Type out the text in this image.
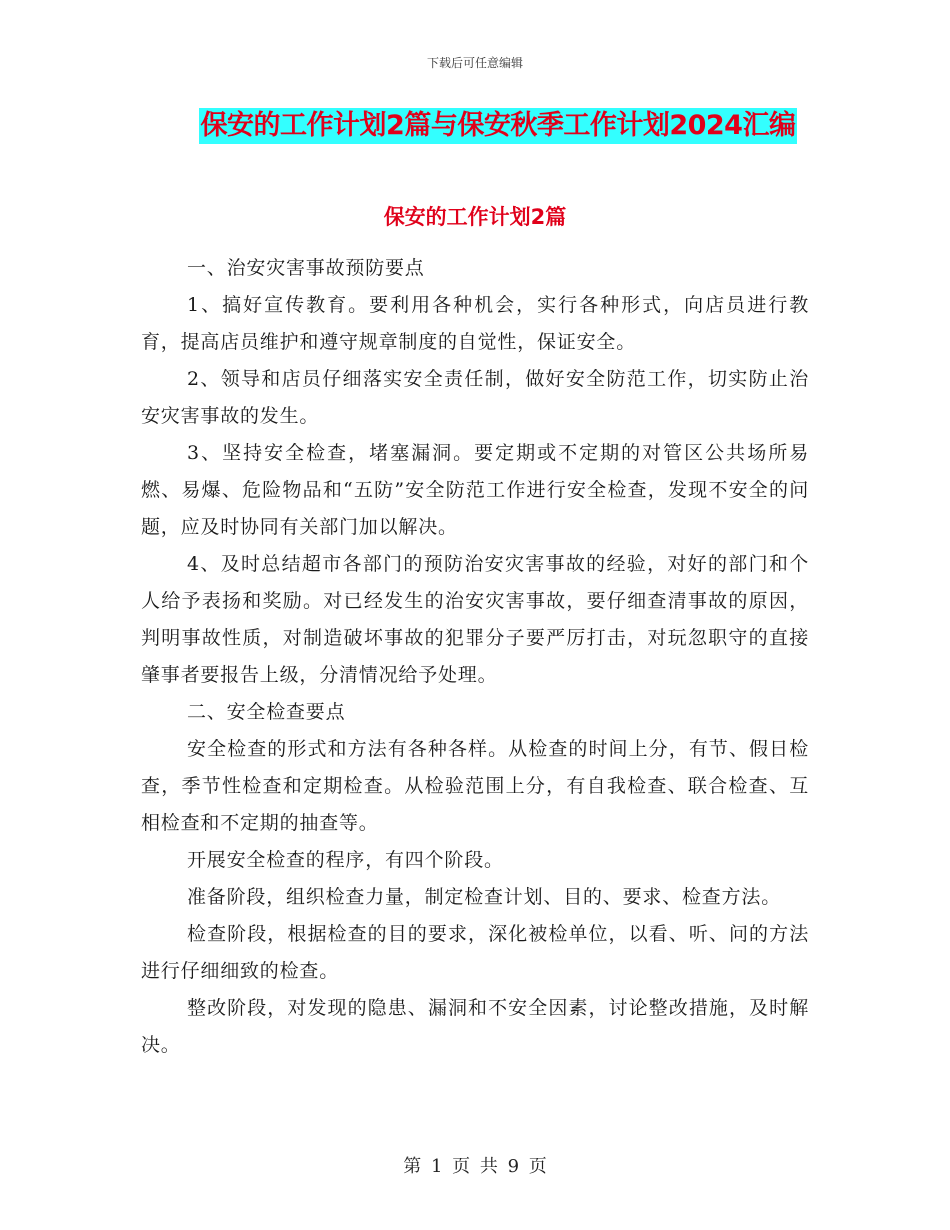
下载后可任意编辑
保安的工作计划2篇与保安秋季工作计划2024汇编
保安的工作计划2篇

一、治安灾害事故预防要点

1、搞好宣传教育。要利用各种机会，实行各种形式，向店员进行教育，提高店员维护和遵守规章制度的自觉性，保证安全。

2、领导和店员仔细落实安全责任制，做好安全防范工作，切实防止治安灾害事故的发生。

3、坚持安全检查，堵塞漏洞。要定期或不定期的对管区公共场所易燃、易爆、危险物品和“五防”安全防范工作进行安全检查，发现不安全的问题，应及时协同有关部门加以解决。

4、及时总结超市各部门的预防治安灾害事故的经验，对好的部门和个人给予表扬和奖励。对已经发生的治安灾害事故，要仔细查清事故的原因，判明事故性质，对制造破坏事故的犯罪分子要严厉打击，对玩忽职守的直接肇事者要报告上级，分清情况给予处理。

二、安全检查要点

安全检查的形式和方法有各种各样。从检查的时间上分，有节、假日检查，季节性检查和定期检查。从检验范围上分，有自我检查、联合检查、互相检查和不定期的抽查等。

开展安全检查的程序，有四个阶段。

准备阶段，组织检查力量，制定检查计划、目的、要求、检查方法。

检查阶段，根据检查的目的要求，深化被检单位，以看、听、问的方法进行仔细细致的检查。

整改阶段，对发现的隐患、漏洞和不安全因素，讨论整改措施，及时解决。

第 1 页 共 9 页
